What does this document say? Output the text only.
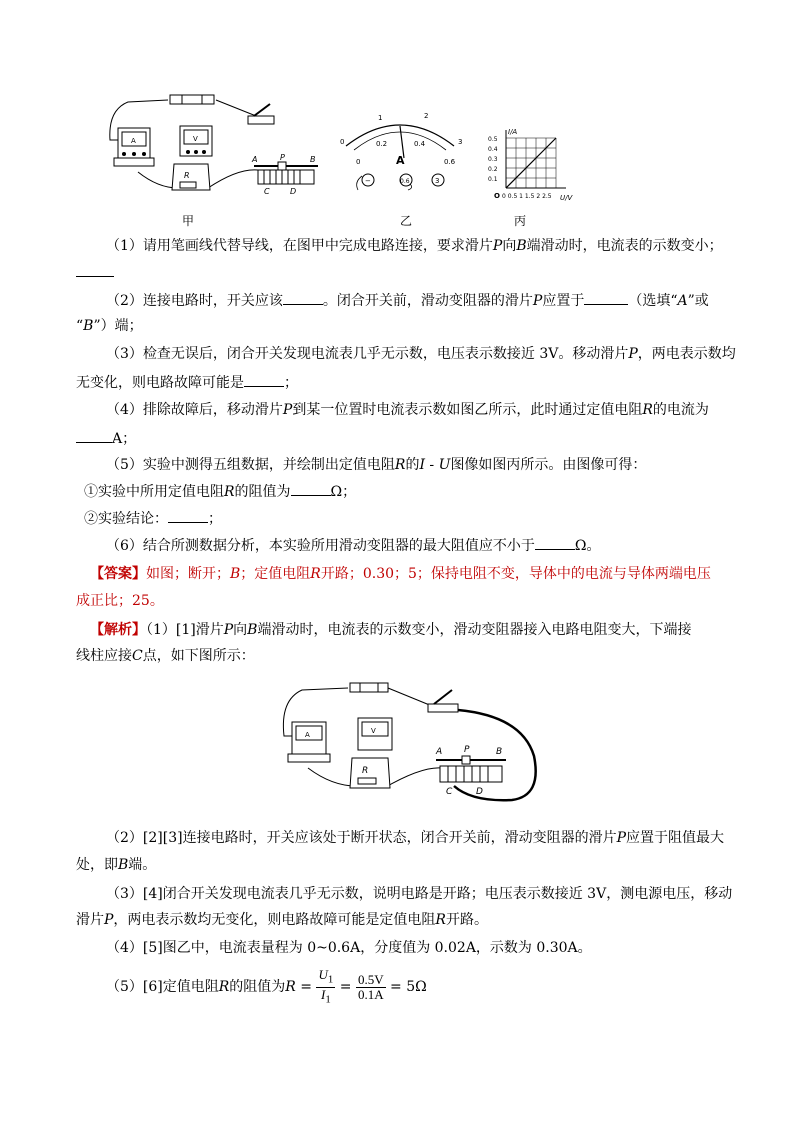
A	V
R
A	P	B
C	D
甲
0
1	2
3
0
0.2	0.4
0.6
A
−	0.6	3
乙
I/A
0.5
0.4
0.3
0.2
0.1
O 0 0.5 1 1.5 2 2.5 U/V
丙
（1）请用笔画线代替导线，在图甲中完成电路连接，要求滑片P向B端滑动时，电流表的示数变小；
（2）连接电路时，开关应该	。闭合开关前，滑动变阻器的滑片P应置于	（选填“A”或
“B”）端；
（3）检查无误后，闭合开关发现电流表几乎无示数，电压表示数接近 3V。移动滑片P，两电表示数均
无变化，则电路故障可能是	；
（4）排除故障后，移动滑片P到某一位置时电流表示数如图乙所示，此时通过定值电阻R的电流为
A；
（5）实验中测得五组数据，并绘制出定值电阻R的I - U图像如图丙所示。由图像可得：
①实验中所用定值电阻R的阻值为	Ω；
②实验结论：	；
（6）结合所测数据分析，本实验所用滑动变阻器的最大阻值应不小于	Ω。
【答案】如图；断开；B；定值电阻R开路；0.30；5；保持电阻不变，导体中的电流与导体两端电压
成正比；25。
【解析】（1）[1]滑片P向B端滑动时，电流表的示数变小，滑动变阻器接入电路电阻变大，下端接
线柱应接C点，如下图所示：
A	V
R
A P	B
C	D
（2）[2][3]连接电路时，开关应该处于断开状态，闭合开关前，滑动变阻器的滑片P应置于阻值最大
处，即B端。
（3）[4]闭合开关发现电流表几乎无示数，说明电路是开路；电压表示数接近 3V，测电源电压，移动
滑片P，两电表示数均无变化，则电路故障可能是定值电阻R开路。
（4）[5]图乙中，电流表量程为 0~0.6A，分度值为 0.02A，示数为 0.30A。
（5）[6]定值电阻R的阻值为$R = \frac{U_1}{I_1} = \frac{0.5V}{0.1A} = 5\Omega$
